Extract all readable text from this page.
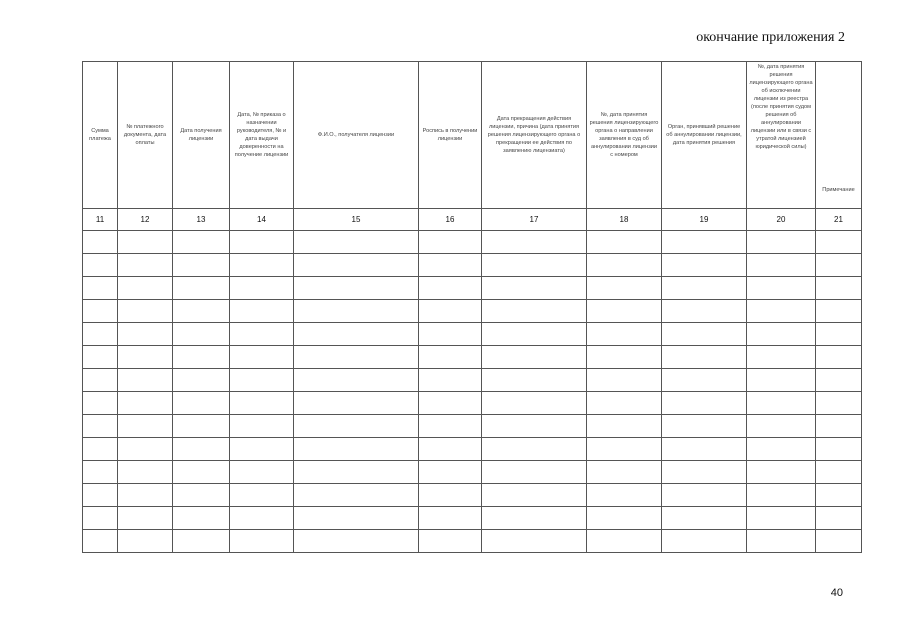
окончание приложения 2
Сумма платежа	№ платежного документа, дата оплаты	Дата получения лицензии	Дата, № приказа о назначении руководителя, № и дата выдачи доверенности на получение лицензии	Ф.И.О., получателя лицензии	Роспись в получении лицензии	Дата прекращения действия лицензии, причина (дата принятия решения лицензирующего органа о прекращении ее действия по заявлению лицензиата)	№, дата принятия решения лицензирующего органа о направлении заявления в суд об аннулировании лицензии с номером	Орган, принявший решение об аннулировании лицензии, дата принятия решения	№, дата принятия решения лицензирующего органа об исключении лицензии из реестра (после принятия судом решения об аннулировании лицензии или в связи с утратой лицензией юридической силы)	Примечание
11	12	13	14	15	16	17	18	19	20	21

40
